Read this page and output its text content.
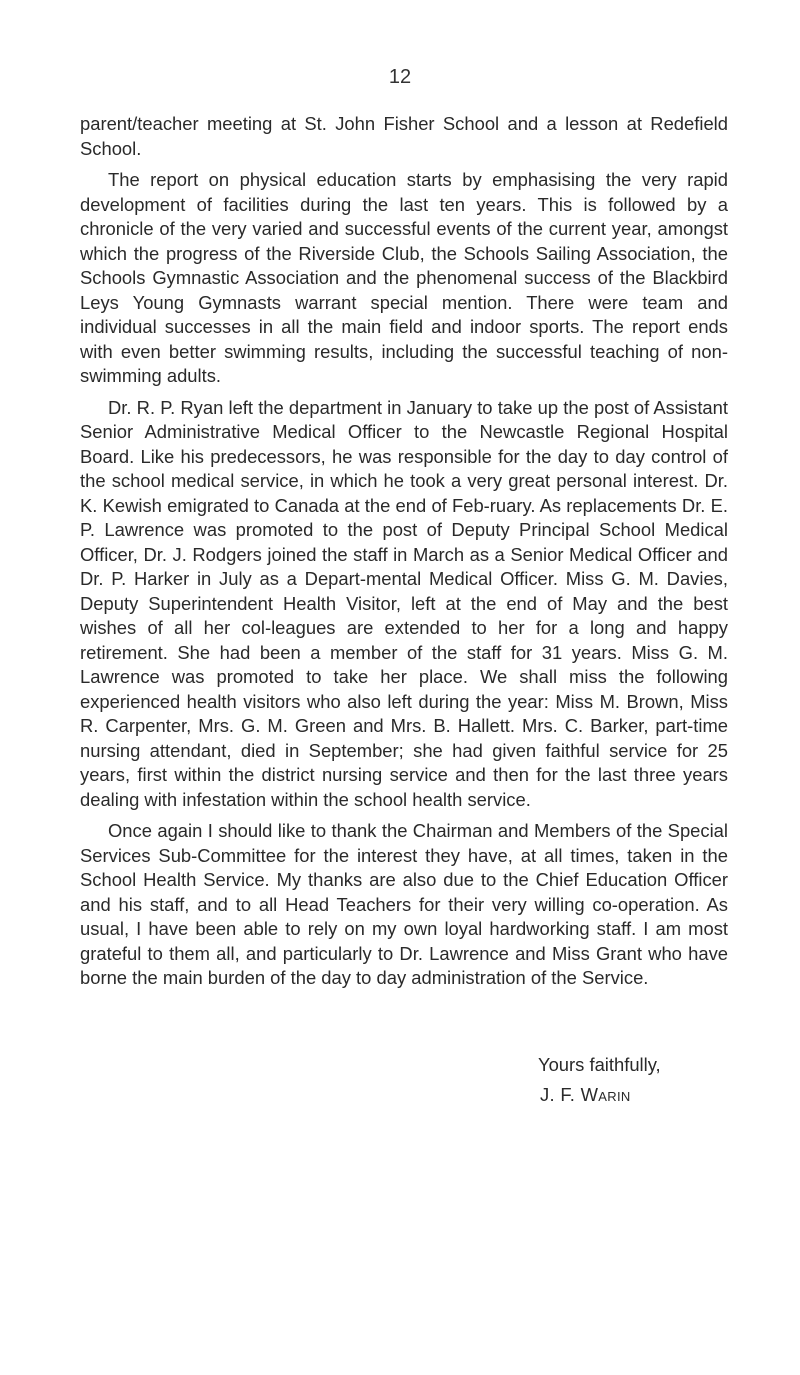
12

parent/teacher meeting at St. John Fisher School and a lesson at Redefield School.

The report on physical education starts by emphasising the very rapid development of facilities during the last ten years. This is followed by a chronicle of the very varied and successful events of the current year, amongst which the progress of the Riverside Club, the Schools Sailing Association, the Schools Gymnastic Association and the phenomenal success of the Blackbird Leys Young Gymnasts warrant special mention. There were team and individual successes in all the main field and indoor sports. The report ends with even better swimming results, including the successful teaching of non-swimming adults.

Dr. R. P. Ryan left the department in January to take up the post of Assistant Senior Administrative Medical Officer to the Newcastle Regional Hospital Board. Like his predecessors, he was responsible for the day to day control of the school medical service, in which he took a very great personal interest. Dr. K. Kewish emigrated to Canada at the end of Feb-ruary. As replacements Dr. E. P. Lawrence was promoted to the post of Deputy Principal School Medical Officer, Dr. J. Rodgers joined the staff in March as a Senior Medical Officer and Dr. P. Harker in July as a Depart-mental Medical Officer. Miss G. M. Davies, Deputy Superintendent Health Visitor, left at the end of May and the best wishes of all her col-leagues are extended to her for a long and happy retirement. She had been a member of the staff for 31 years. Miss G. M. Lawrence was promoted to take her place. We shall miss the following experienced health visitors who also left during the year: Miss M. Brown, Miss R. Carpenter, Mrs. G. M. Green and Mrs. B. Hallett. Mrs. C. Barker, part-time nursing attendant, died in September; she had given faithful service for 25 years, first within the district nursing service and then for the last three years dealing with infestation within the school health service.

Once again I should like to thank the Chairman and Members of the Special Services Sub-Committee for the interest they have, at all times, taken in the School Health Service. My thanks are also due to the Chief Education Officer and his staff, and to all Head Teachers for their very willing co-operation. As usual, I have been able to rely on my own loyal hardworking staff. I am most grateful to them all, and particularly to Dr. Lawrence and Miss Grant who have borne the main burden of the day to day administration of the Service.

Yours faithfully,
J. F. Warin
